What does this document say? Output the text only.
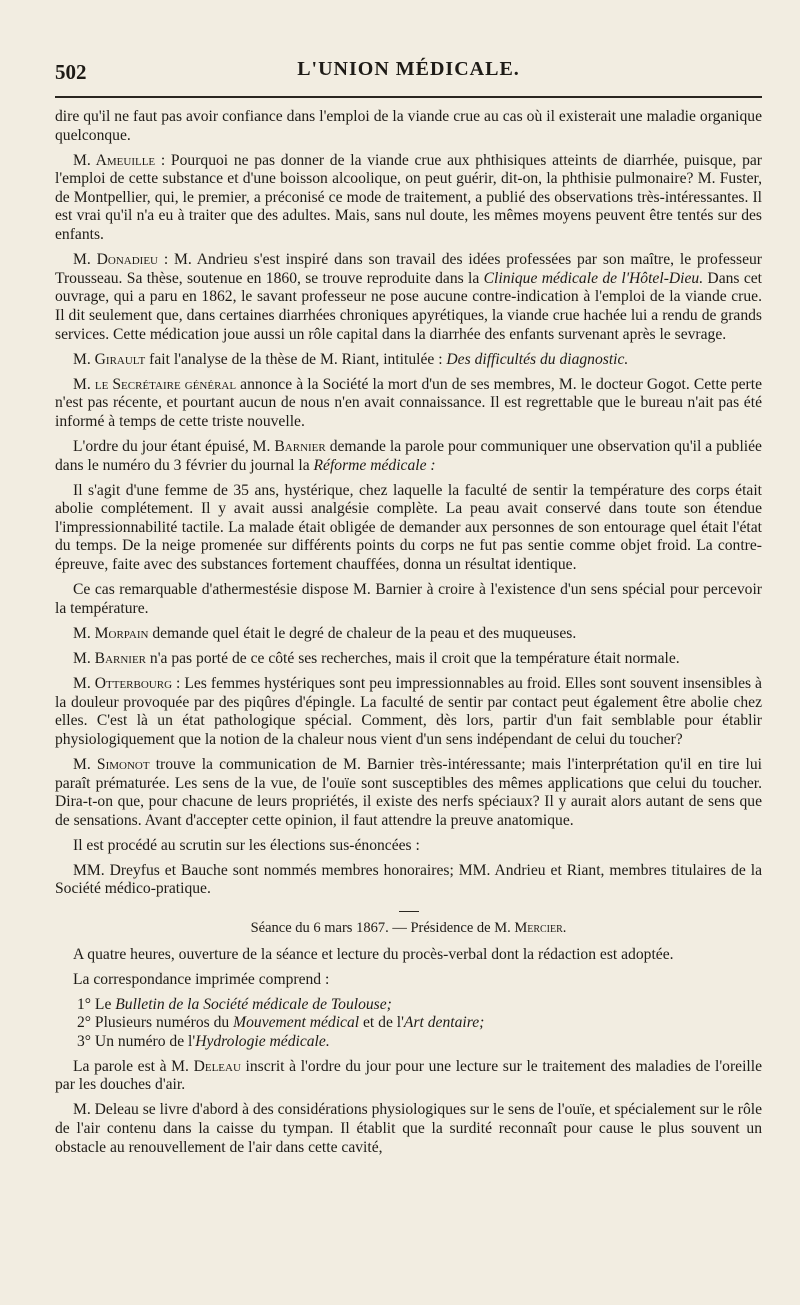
502	L'UNION MÉDICALE.

dire qu'il ne faut pas avoir confiance dans l'emploi de la viande crue au cas où il existerait une maladie organique quelconque.

M. Ameuille : Pourquoi ne pas donner de la viande crue aux phthisiques atteints de diarrhée, puisque, par l'emploi de cette substance et d'une boisson alcoolique, on peut guérir, dit-on, la phthisie pulmonaire? M. Fuster, de Montpellier, qui, le premier, a préconisé ce mode de traitement, a publié des observations très-intéressantes. Il est vrai qu'il n'a eu à traiter que des adultes. Mais, sans nul doute, les mêmes moyens peuvent être tentés sur des enfants.

M. Donadieu : M. Andrieu s'est inspiré dans son travail des idées professées par son maître, le professeur Trousseau. Sa thèse, soutenue en 1860, se trouve reproduite dans la Clinique médicale de l'Hôtel-Dieu. Dans cet ouvrage, qui a paru en 1862, le savant professeur ne pose aucune contre-indication à l'emploi de la viande crue. Il dit seulement que, dans certaines diarrhées chroniques apyrétiques, la viande crue hachée lui a rendu de grands services. Cette médication joue aussi un rôle capital dans la diarrhée des enfants survenant après le sevrage.

M. Girault fait l'analyse de la thèse de M. Riant, intitulée : Des difficultés du diagnostic.

M. le Secrétaire général annonce à la Société la mort d'un de ses membres, M. le docteur Gogot. Cette perte n'est pas récente, et pourtant aucun de nous n'en avait connaissance. Il est regrettable que le bureau n'ait pas été informé à temps de cette triste nouvelle.

L'ordre du jour étant épuisé, M. Barnier demande la parole pour communiquer une observation qu'il a publiée dans le numéro du 3 février du journal la Réforme médicale :

Il s'agit d'une femme de 35 ans, hystérique, chez laquelle la faculté de sentir la température des corps était abolie complétement. Il y avait aussi analgésie complète. La peau avait conservé dans toute son étendue l'impressionnabilité tactile. La malade était obligée de demander aux personnes de son entourage quel était l'état du temps. De la neige promenée sur différents points du corps ne fut pas sentie comme objet froid. La contre-épreuve, faite avec des substances fortement chauffées, donna un résultat identique.

Ce cas remarquable d'athermestésie dispose M. Barnier à croire à l'existence d'un sens spécial pour percevoir la température.

M. Morpain demande quel était le degré de chaleur de la peau et des muqueuses.

M. Barnier n'a pas porté de ce côté ses recherches, mais il croit que la température était normale.

M. Otterbourg : Les femmes hystériques sont peu impressionnables au froid. Elles sont souvent insensibles à la douleur provoquée par des piqûres d'épingle. La faculté de sentir par contact peut également être abolie chez elles. C'est là un état pathologique spécial. Comment, dès lors, partir d'un fait semblable pour établir physiologiquement que la notion de la chaleur nous vient d'un sens indépendant de celui du toucher?

M. Simonot trouve la communication de M. Barnier très-intéressante; mais l'interprétation qu'il en tire lui paraît prématurée. Les sens de la vue, de l'ouïe sont susceptibles des mêmes applications que celui du toucher. Dira-t-on que, pour chacune de leurs propriétés, il existe des nerfs spéciaux? Il y aurait alors autant de sens que de sensations. Avant d'accepter cette opinion, il faut attendre la preuve anatomique.

Il est procédé au scrutin sur les élections sus-énoncées :

MM. Dreyfus et Bauche sont nommés membres honoraires; MM. Andrieu et Riant, membres titulaires de la Société médico-pratique.

Séance du 6 mars 1867. — Présidence de M. Mercier.

A quatre heures, ouverture de la séance et lecture du procès-verbal dont la rédaction est adoptée.

La correspondance imprimée comprend :

1° Le Bulletin de la Société médicale de Toulouse;
2° Plusieurs numéros du Mouvement médical et de l'Art dentaire;
3° Un numéro de l'Hydrologie médicale.

La parole est à M. Deleau inscrit à l'ordre du jour pour une lecture sur le traitement des maladies de l'oreille par les douches d'air.

M. Deleau se livre d'abord à des considérations physiologiques sur le sens de l'ouïe, et spécialement sur le rôle de l'air contenu dans la caisse du tympan. Il établit que la surdité reconnaît pour cause le plus souvent un obstacle au renouvellement de l'air dans cette cavité,
